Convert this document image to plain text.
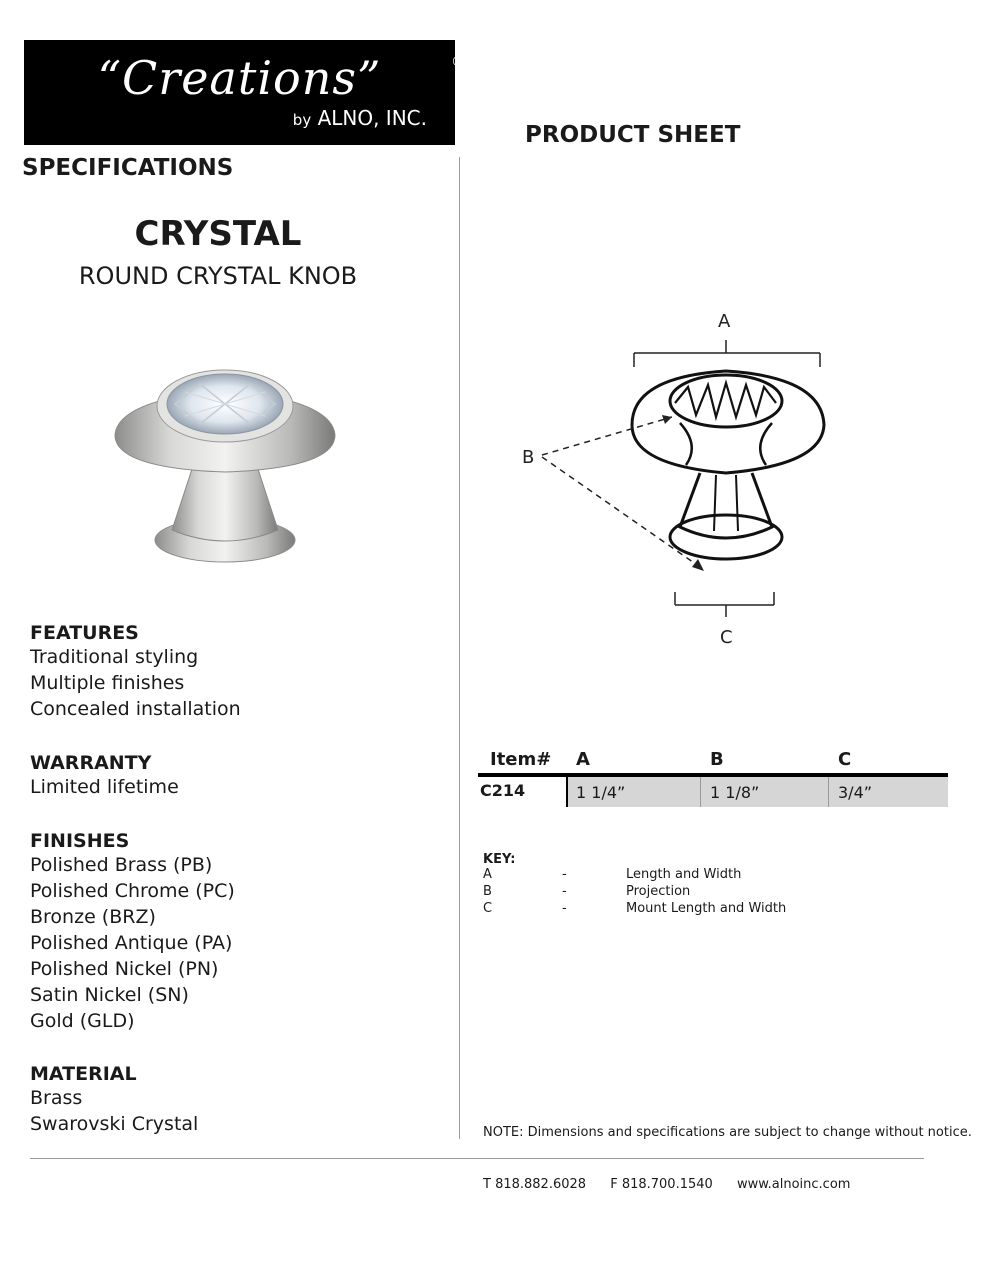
“Creations”	®
by ALNO, INC.
SPECIFICATIONS
PRODUCT SHEET
CRYSTAL
ROUND CRYSTAL KNOB
FEATURES
Traditional styling
Multiple finishes
Concealed installation
WARRANTY
Limited lifetime
FINISHES
Polished Brass (PB)
Polished Chrome (PC)
Bronze (BRZ)
Polished Antique (PA)
Polished Nickel (PN)
Satin Nickel (SN)
Gold (GLD)
MATERIAL
Brass
Swarovski Crystal
A
B
C
Item# A	B	C
C214	1 1/4”	1 1/8”	3/4”
KEY:
A	-	Length and Width
B	-	Projection
C	-	Mount Length and Width
NOTE: Dimensions and specifications are subject to change without notice.
T 818.882.6028 F 818.700.1540 www.alnoinc.com
